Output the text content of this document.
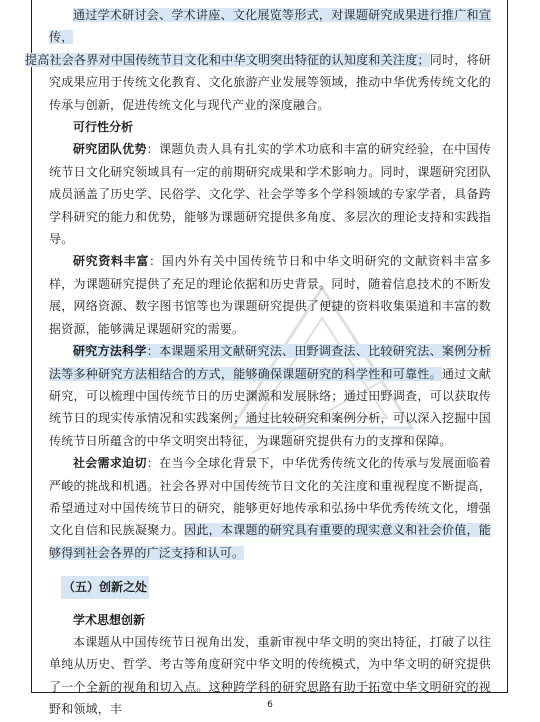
通过学术研讨会、学术讲座、文化展览等形式，对课题研究成果进行推广和宣传，
提高社会各界对中国传统节日文化和中华文明突出特征的认知度和关注度；同时，将研究成果应用于传统文化教育、文化旅游产业发展等领域，推动中华优秀传统文化的传承与创新，促进传统文化与现代产业的深度融合。

可行性分析

研究团队优势：课题负责人具有扎实的学术功底和丰富的研究经验，在中国传统节日文化研究领域具有一定的前期研究成果和学术影响力。同时，课题研究团队成员涵盖了历史学、民俗学、文化学、社会学等多个学科领域的专家学者，具备跨学科研究的能力和优势，能够为课题研究提供多角度、多层次的理论支持和实践指导。

研究资料丰富：国内外有关中国传统节日和中华文明研究的文献资料丰富多样，为课题研究提供了充足的理论依据和历史背景。同时，随着信息技术的不断发展，网络资源、数字图书馆等也为课题研究提供了便捷的资料收集渠道和丰富的数据资源，能够满足课题研究的需要。

研究方法科学：本课题采用文献研究法、田野调查法、比较研究法、案例分析法等多种研究方法相结合的方式，能够确保课题研究的科学性和可靠性。通过文献研究，可以梳理中国传统节日的历史渊源和发展脉络；通过田野调查，可以获取传统节日的现实传承情况和实践案例；通过比较研究和案例分析，可以深入挖掘中国传统节日所蕴含的中华文明突出特征，为课题研究提供有力的支撑和保障。

社会需求迫切：在当今全球化背景下，中华优秀传统文化的传承与发展面临着严峻的挑战和机遇。社会各界对中国传统节日文化的关注度和重视程度不断提高，希望通过对中国传统节日的研究，能够更好地传承和弘扬中华优秀传统文化，增强文化自信和民族凝聚力。因此，本课题的研究具有重要的现实意义和社会价值，能够得到社会各界的广泛支持和认可。

（五）创新之处

学术思想创新

本课题从中国传统节日视角出发，重新审视中华文明的突出特征，打破了以往单纯从历史、哲学、考古等角度研究中华文明的传统模式，为中华文明的研究提供了一个全新的视角和切入点。这种跨学科的研究思路有助于拓宽中华文明研究的视野和领域，丰	6
